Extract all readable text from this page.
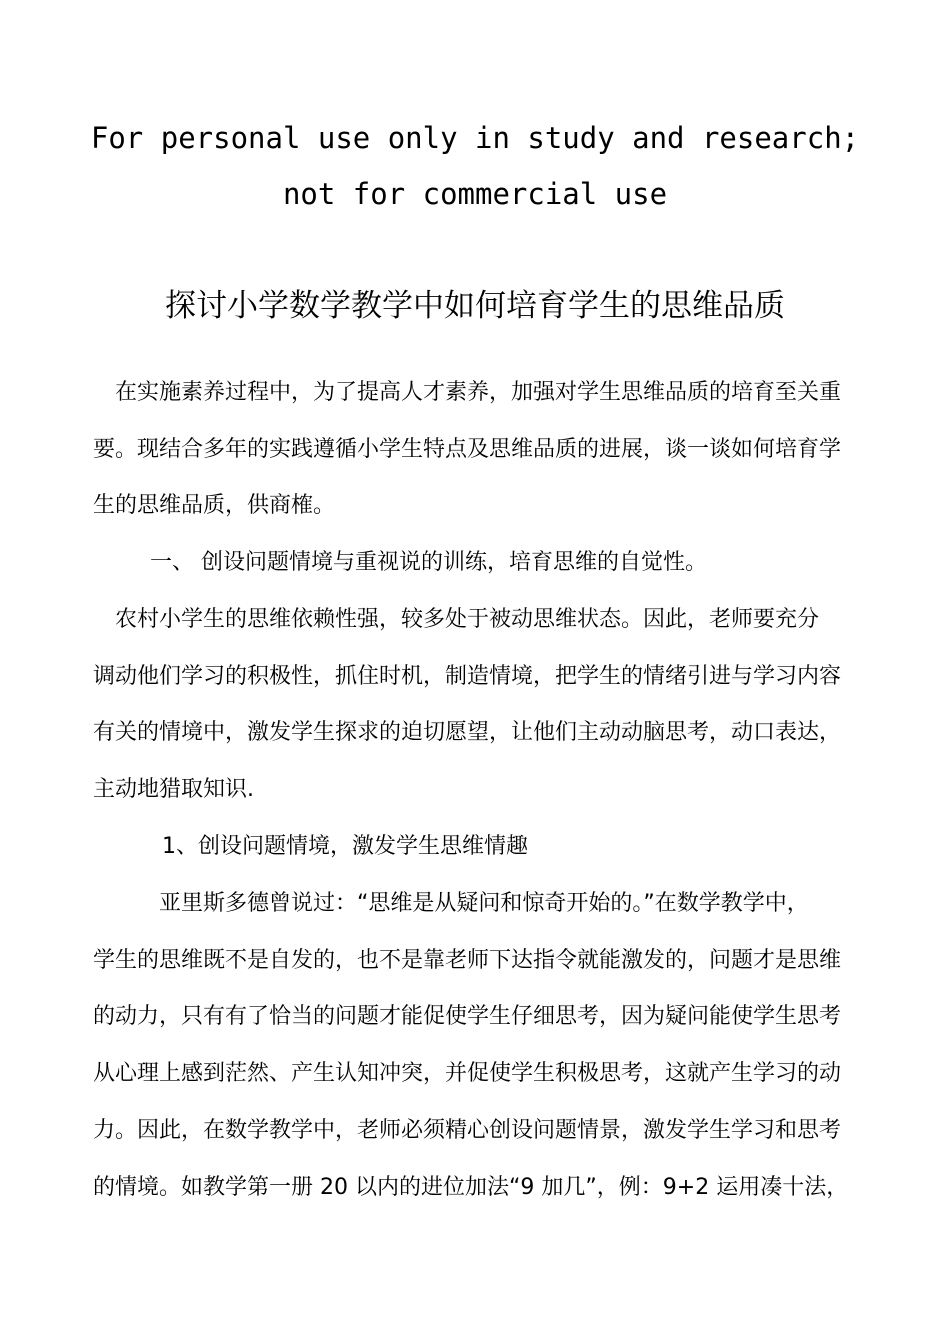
For personal use only in study and research;
not for commercial use
探讨小学数学教学中如何培育学生的思维品质

　在实施素养过程中，为了提高人才素养，加强对学生思维品质的培育至关重

要。现结合多年的实践遵循小学生特点及思维品质的进展，谈一谈如何培育学

生的思维品质，供商榷。

一、 创设问题情境与重视说的训练，培育思维的自觉性。

　农村小学生的思维依赖性强，较多处于被动思维状态。因此，老师要充分

调动他们学习的积极性，抓住时机，制造情境，把学生的情绪引进与学习内容

有关的情境中，激发学生探求的迫切愿望，让他们主动动脑思考，动口表达，

主动地猎取知识.

1、创设问题情境，激发学生思维情趣

　　　亚里斯多德曾说过：“思维是从疑问和惊奇开始的。”在数学教学中，

学生的思维既不是自发的，也不是靠老师下达指令就能激发的，问题才是思维

的动力，只有有了恰当的问题才能促使学生仔细思考，因为疑问能使学生思考

从心理上感到茫然、产生认知冲突，并促使学生积极思考，这就产生学习的动

力。因此，在数学教学中，老师必须精心创设问题情景，激发学生学习和思考

的情境。如教学第一册 20 以内的进位加法“9 加几”，例：9+2 运用凑十法，
